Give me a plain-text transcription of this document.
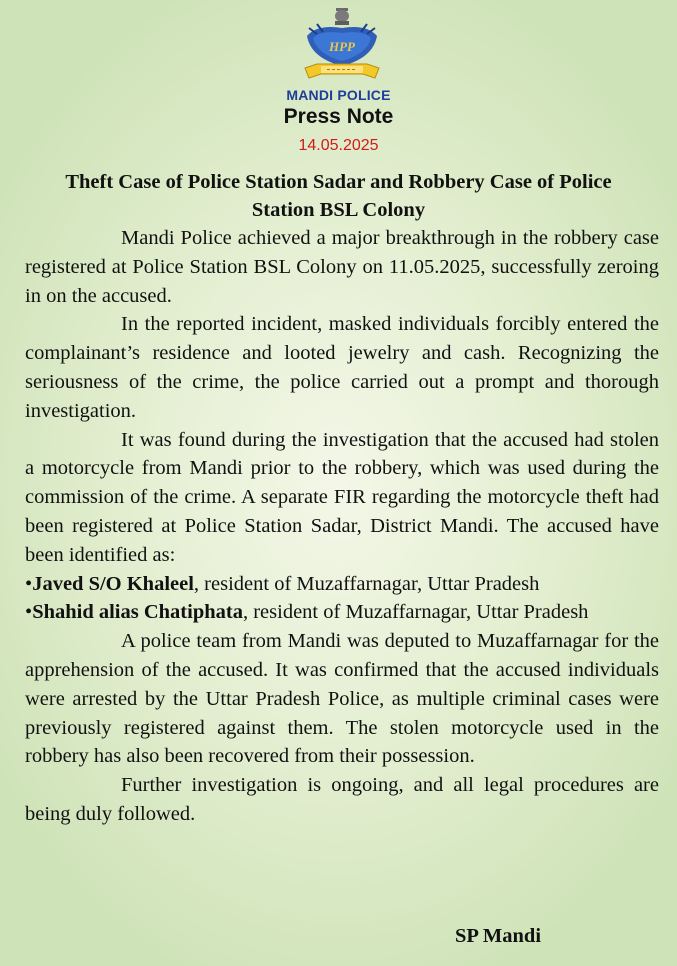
HPP
MANDI POLICE
Press Note
14.05.2025
Theft Case of Police Station Sadar and Robbery Case of Police Station BSL Colony

Mandi Police achieved a major breakthrough in the robbery case registered at Police Station BSL Colony on 11.05.2025, successfully zeroing in on the accused.

In the reported incident, masked individuals forcibly entered the complainant’s residence and looted jewelry and cash. Recognizing the seriousness of the crime, the police carried out a prompt and thorough investigation.

It was found during the investigation that the accused had stolen a motorcycle from Mandi prior to the robbery, which was used during the commission of the crime. A separate FIR regarding the motorcycle theft had been registered at Police Station Sadar, District Mandi. The accused have been identified as:

•Javed S/O Khaleel, resident of Muzaffarnagar, Uttar Pradesh
•Shahid alias Chatiphata, resident of Muzaffarnagar, Uttar Pradesh

A police team from Mandi was deputed to Muzaffarnagar for the apprehension of the accused. It was confirmed that the accused individuals were arrested by the Uttar Pradesh Police, as multiple criminal cases were previously registered against them. The stolen motorcycle used in the robbery has also been recovered from their possession.

Further investigation is ongoing, and all legal procedures are being duly followed.

SP Mandi
